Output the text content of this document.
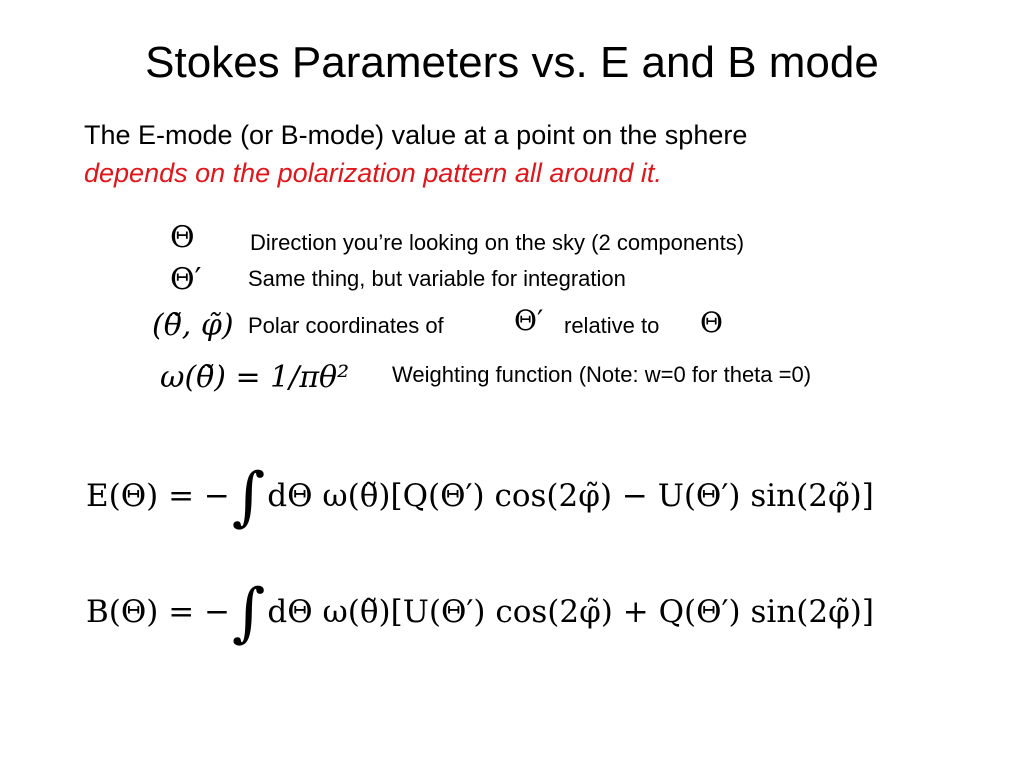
Stokes Parameters vs. E and B mode
The E-mode (or B-mode) value at a point on the sphere
depends on the polarization pattern all around it.
Θ	Direction you’re looking on the sky (2 components)
Θ′ Same thing, but variable for integration
(θ̃, φ̃) Polar coordinates of	Θ′ relative to Θ
ω(θ̃) = 1/πθ² Weighting function (Note: w=0 for theta =0)
E(Θ) = −∫dΘ ω(θ̃)[Q(Θ′) cos(2φ̃) − U(Θ′) sin(2φ̃)]
B(Θ) = −∫dΘ ω(θ̃)[U(Θ′) cos(2φ̃) + Q(Θ′) sin(2φ̃)]
